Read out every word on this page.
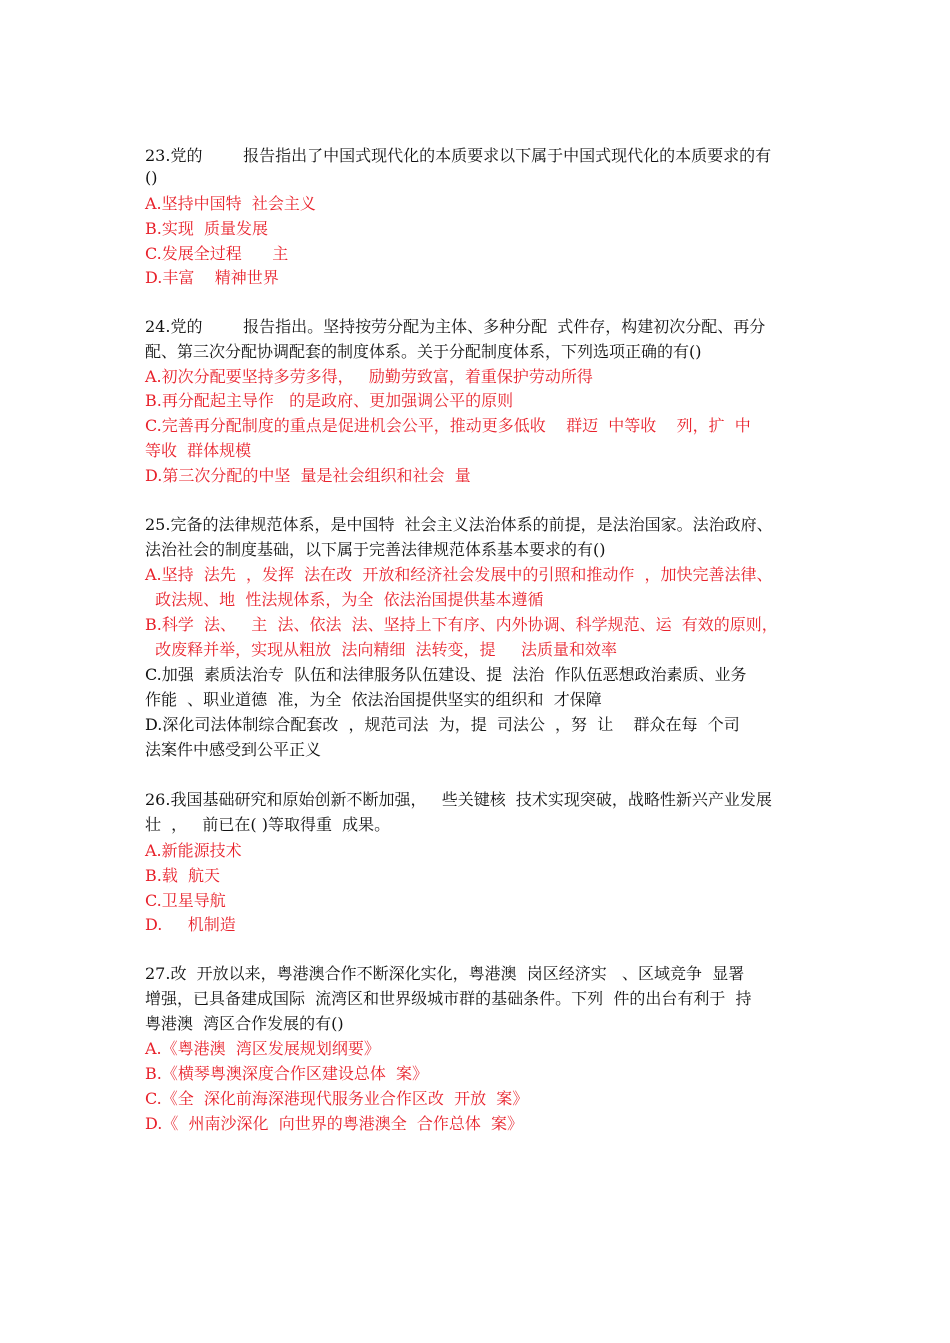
23.党的        报告指出了中国式现代化的本质要求以下属于中国式现代化的本质要求的有
()
A.坚持中国特  社会主义
B.实现  质量发展
C.发展全过程      主
D.丰富    精神世界
24.党的        报告指出。坚持按劳分配为主体、多种分配  式件存，构建初次分配、再分
配、第三次分配协调配套的制度体系。关于分配制度体系，下列选项正确的有()
A.初次分配要坚持多劳多得，   励勤劳致富，着重保护劳动所得
B.再分配起主导作   的是政府、更加强调公平的原则
C.完善再分配制度的重点是促进机会公平，推动更多低收    群迈  中等收    列，扩  中
等收  群体规模
D.第三次分配的中坚  量是社会组织和社会  量
25.完备的法律规范体系，是中国特  社会主义法治体系的前提，是法治国家。法治政府、
法治社会的制度基础，以下属于完善法律规范体系基本要求的有()
A.坚持  法先  ，发挥  法在改  开放和经济社会发展中的引照和推动作  ，加快完善法律、
政法规、地  性法规体系，为全  依法治国提供基本遵循
B.科学  法、   主  法、依法  法、坚持上下有序、内外协调、科学规范、运  有效的原则，
改废释并举，实现从粗放  法向精细  法转变，提     法质量和效率
C.加强  素质法治专  队伍和法律服务队伍建设、提  法治  作队伍恶想政治素质、业务
作能  、职业道德  准，为全  依法治国提供坚实的组织和  才保障
D.深化司法体制综合配套改  ，规范司法  为，提  司法公  ，努  让    群众在每  个司
法案件中感受到公平正义
26.我国基础研究和原始创新不断加强，   些关键核  技术实现突破，战略性新兴产业发展
壮  ，   前已在( )等取得重  成果。
A.新能源技术
B.载  航天
C.卫星导航
D.     机制造
27.改  开放以来，粤港澳合作不断深化实化，粤港澳  岗区经济实   、区域竞争  显署
增强，已具备建成国际  流湾区和世界级城市群的基础条件。下列  件的出台有利于  持
粤港澳  湾区合作发展的有()
A.《粤港澳  湾区发展规划纲要》
B.《横琴粤澳深度合作区建设总体  案》
C.《全  深化前海深港现代服务业合作区改  开放  案》
D.《  州南沙深化  向世界的粤港澳全  合作总体  案》
